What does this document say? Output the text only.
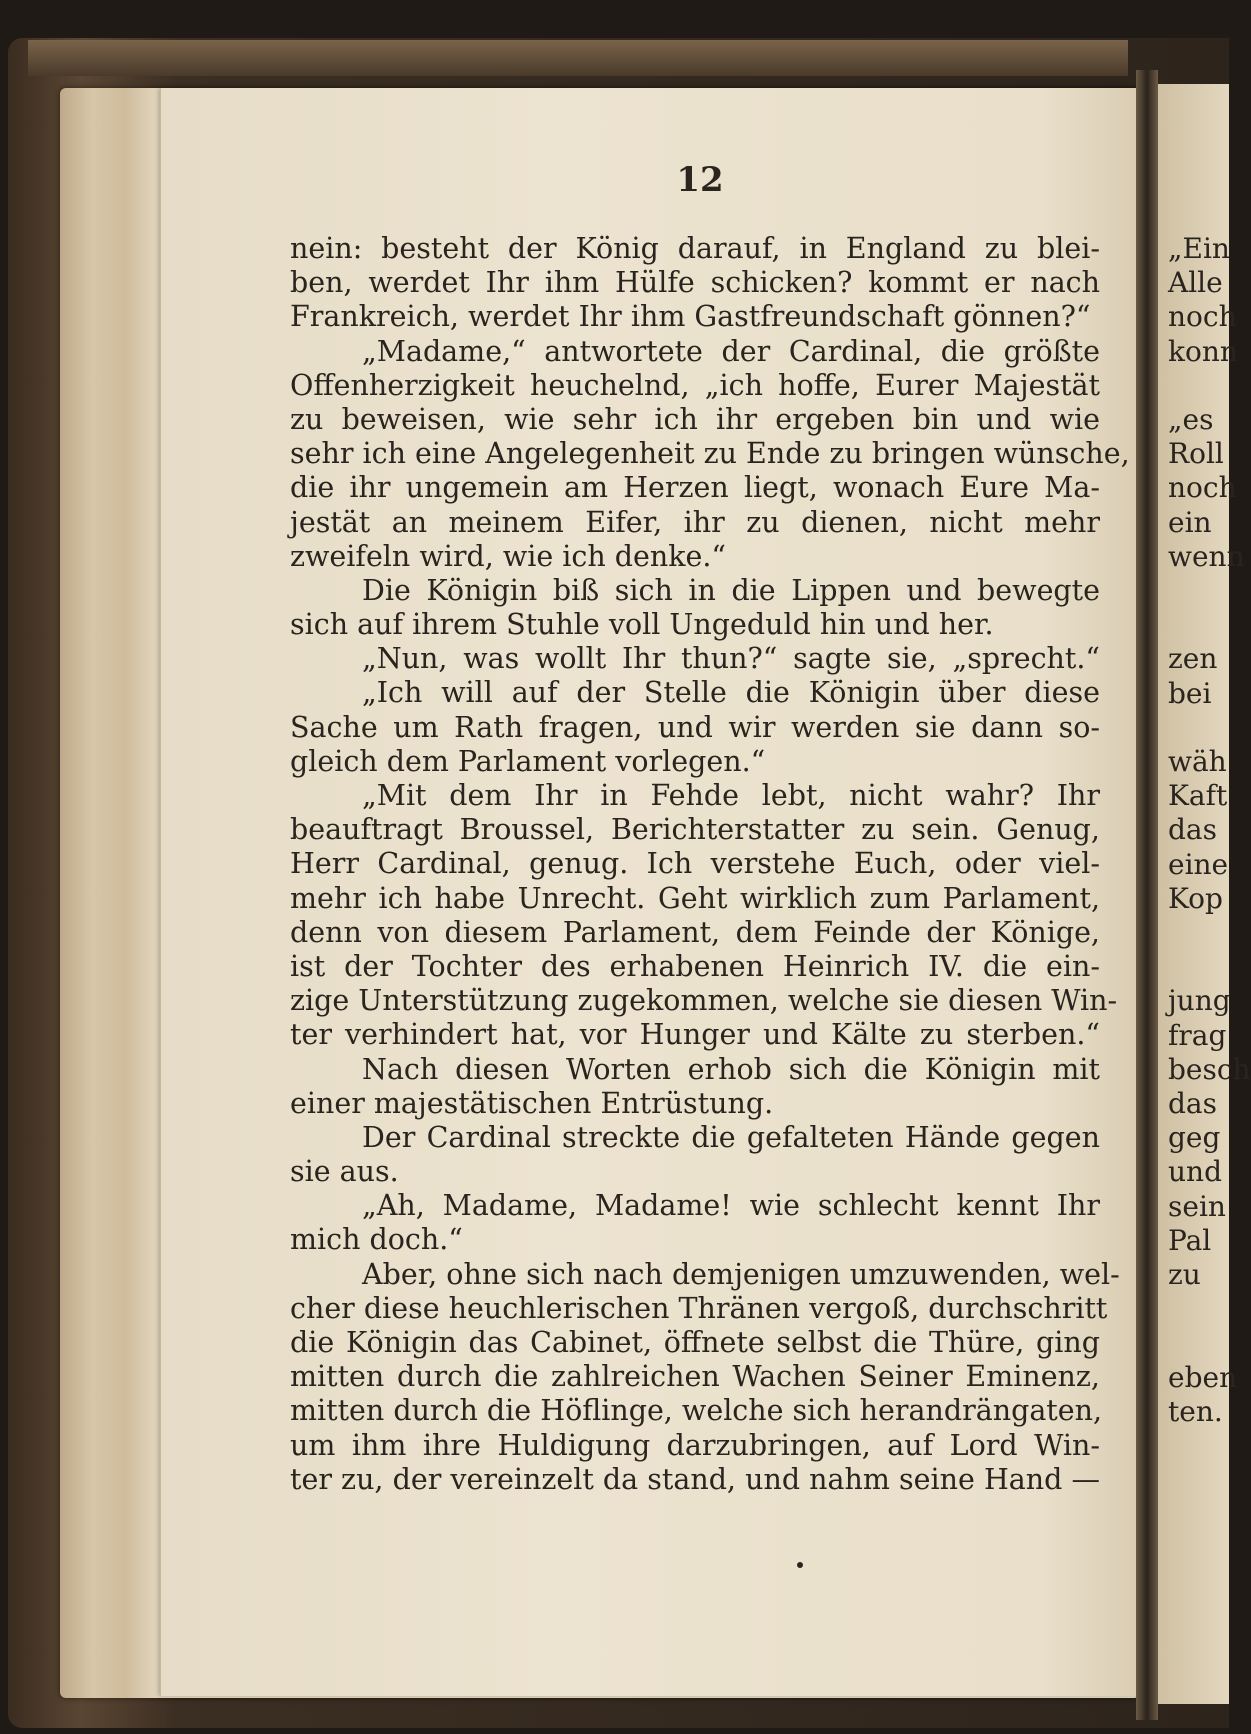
12
nein: besteht der König darauf, in England zu blei-
ben, werdet Ihr ihm Hülfe schicken? kommt er nach
Frankreich, werdet Ihr ihm Gastfreundschaft gönnen?“
„Madame,“ antwortete der Cardinal, die größte
Offenherzigkeit heuchelnd, „ich hoffe, Eurer Majestät
zu beweisen, wie sehr ich ihr ergeben bin und wie
sehr ich eine Angelegenheit zu Ende zu bringen wünsche,
die ihr ungemein am Herzen liegt, wonach Eure Ma-
jestät an meinem Eifer, ihr zu dienen, nicht mehr
zweifeln wird, wie ich denke.“
Die Königin biß sich in die Lippen und bewegte
sich auf ihrem Stuhle voll Ungeduld hin und her.
„Nun, was wollt Ihr thun?“ sagte sie, „sprecht.“
„Ich will auf der Stelle die Königin über diese
Sache um Rath fragen, und wir werden sie dann so-
gleich dem Parlament vorlegen.“
„Mit dem Ihr in Fehde lebt, nicht wahr? Ihr
beauftragt Broussel, Berichterstatter zu sein. Genug,
Herr Cardinal, genug. Ich verstehe Euch, oder viel-
mehr ich habe Unrecht. Geht wirklich zum Parlament,
denn von diesem Parlament, dem Feinde der Könige,
ist der Tochter des erhabenen Heinrich IV. die ein-
zige Unterstützung zugekommen, welche sie diesen Win-
ter verhindert hat, vor Hunger und Kälte zu sterben.“
Nach diesen Worten erhob sich die Königin mit
einer majestätischen Entrüstung.
Der Cardinal streckte die gefalteten Hände gegen
sie aus.
„Ah, Madame, Madame! wie schlecht kennt Ihr
mich doch.“
Aber, ohne sich nach demjenigen umzuwenden, wel-
cher diese heuchlerischen Thränen vergoß, durchschritt
die Königin das Cabinet, öffnete selbst die Thüre, ging
mitten durch die zahlreichen Wachen Seiner Eminenz,
mitten durch die Höflinge, welche sich herandrängaten,
um ihm ihre Huldigung darzubringen, auf Lord Win-
ter zu, der vereinzelt da stand, und nahm seine Hand —
„Ein
Alle
noch
konn
„es
Roll
noch
ein
wenn
zen
bei
wäh
Kaft
das
eine
Kop
jung
frag
besch
das
geg
und
sein
Pal
zu
eben
ten.
